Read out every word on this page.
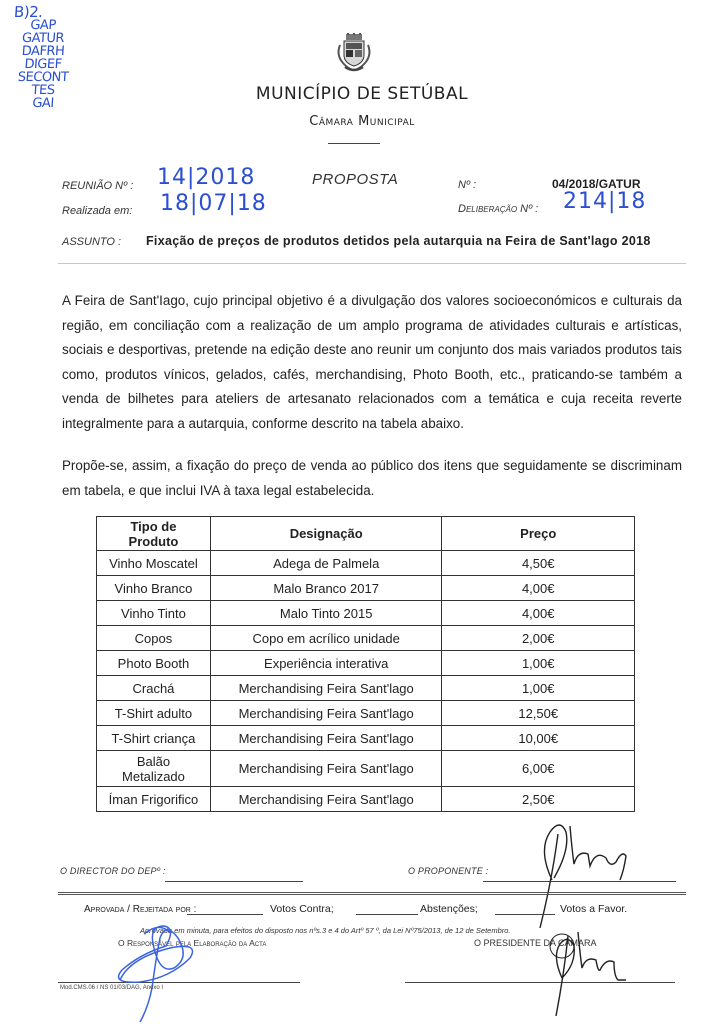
B)2.
GAP
GATUR
DAFRH
DIGEF
SECONT
TES
GAI	MUNICÍPIO DE SETÚBAL
Câmara Municipal
REUNIÃO Nº : 14|2018
Realizada em: 18|07|18
PROPOSTA	Nº :	04/2018/GATUR
Deliberação Nº : 214|18
ASSUNTO : Fixação de preços de produtos detidos pela autarquia na Feira de Sant'lago 2018
A Feira de Sant'Iago, cujo principal objetivo é a divulgação dos valores socioeconómicos e culturais da região, em conciliação com a realização de um amplo programa de atividades culturais e artísticas, sociais e desportivas, pretende na edição deste ano reunir um conjunto dos mais variados produtos tais como, produtos vínicos, gelados, cafés, merchandising, Photo Booth, etc., praticando-se também a venda de bilhetes para ateliers de artesanato relacionados com a temática e cuja receita reverte integralmente para a autarquia, conforme descrito na tabela abaixo.
Propõe-se, assim, a fixação do preço de venda ao público dos itens que seguidamente se discriminam em tabela, e que inclui IVA à taxa legal estabelecida.
Tipo de Produto	Designação	Preço
Vinho Moscatel	Adega de Palmela	4,50€
Vinho Branco	Malo Branco 2017	4,00€
Vinho Tinto	Malo Tinto 2015	4,00€
Copos	Copo em acrílico unidade	2,00€
Photo Booth	Experiência interativa	1,00€
Crachá	Merchandising Feira Sant'lago	1,00€
T-Shirt adulto	Merchandising Feira Sant'lago	12,50€
T-Shirt criança	Merchandising Feira Sant'lago	10,00€
Balão Metalizado	Merchandising Feira Sant'lago	6,00€
Íman Frigorifico	Merchandising Feira Sant'lago	2,50€
O DIRECTOR DO DEPº :	O PROPONENTE :
Aprovada / Rejeitada por :	Votos Contra;	Abstenções;	Votos a Favor.
Aprovada em minuta, para efeitos do disposto nos nºs.3 e 4 do Artº 57 º, da Lei Nº75/2013, de 12 de Setembro.
O Responsável pela Elaboração da Acta	O PRESIDENTE DA CÂMARA
Mod.CMS.06 / NS 01/03/DAG, Anexo I
